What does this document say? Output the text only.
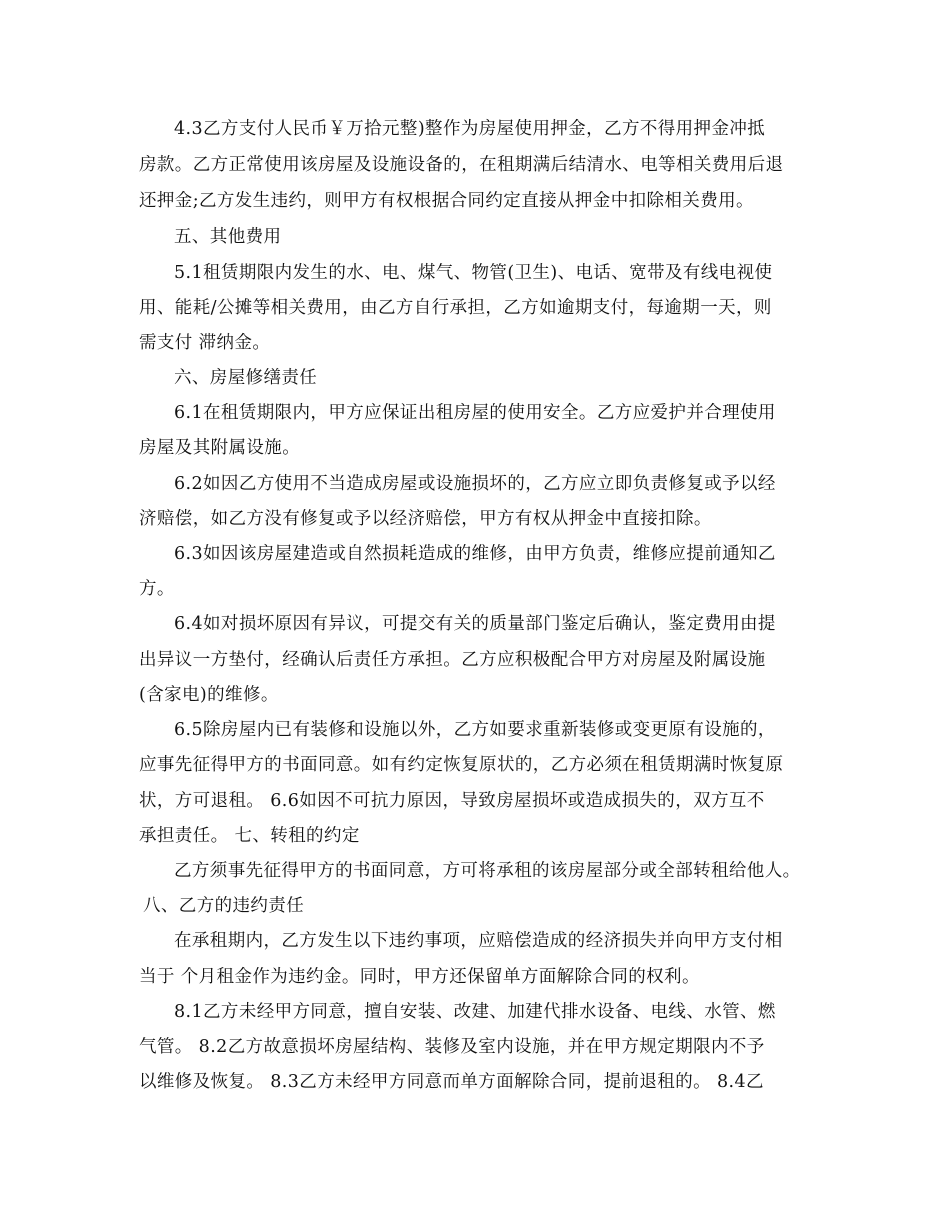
4.3乙方支付人民币￥万拾元整)整作为房屋使用押金，乙方不得用押金冲抵
房款。乙方正常使用该房屋及设施设备的，在租期满后结清水、电等相关费用后退
还押金;乙方发生违约，则甲方有权根据合同约定直接从押金中扣除相关费用。
五、其他费用
5.1租赁期限内发生的水、电、煤气、物管(卫生)、电话、宽带及有线电视使
用、能耗/公摊等相关费用，由乙方自行承担，乙方如逾期支付，每逾期一天，则
需支付 滞纳金。
六、房屋修缮责任
6.1在租赁期限内，甲方应保证出租房屋的使用安全。乙方应爱护并合理使用
房屋及其附属设施。
6.2如因乙方使用不当造成房屋或设施损坏的，乙方应立即负责修复或予以经
济赔偿，如乙方没有修复或予以经济赔偿，甲方有权从押金中直接扣除。
6.3如因该房屋建造或自然损耗造成的维修，由甲方负责，维修应提前通知乙
方。
6.4如对损坏原因有异议，可提交有关的质量部门鉴定后确认，鉴定费用由提
出异议一方垫付，经确认后责任方承担。乙方应积极配合甲方对房屋及附属设施
(含家电)的维修。
6.5除房屋内已有装修和设施以外，乙方如要求重新装修或变更原有设施的，
应事先征得甲方的书面同意。如有约定恢复原状的，乙方必须在租赁期满时恢复原
状，方可退租。 6.6如因不可抗力原因，导致房屋损坏或造成损失的，双方互不
承担责任。 七、转租的约定
乙方须事先征得甲方的书面同意，方可将承租的该房屋部分或全部转租给他人。
八、乙方的违约责任
在承租期内，乙方发生以下违约事项，应赔偿造成的经济损失并向甲方支付相
当于 个月租金作为违约金。同时，甲方还保留单方面解除合同的权利。
8.1乙方未经甲方同意，擅自安装、改建、加建代排水设备、电线、水管、燃
气管。 8.2乙方故意损坏房屋结构、装修及室内设施，并在甲方规定期限内不予
以维修及恢复。 8.3乙方未经甲方同意而单方面解除合同，提前退租的。 8.4乙
